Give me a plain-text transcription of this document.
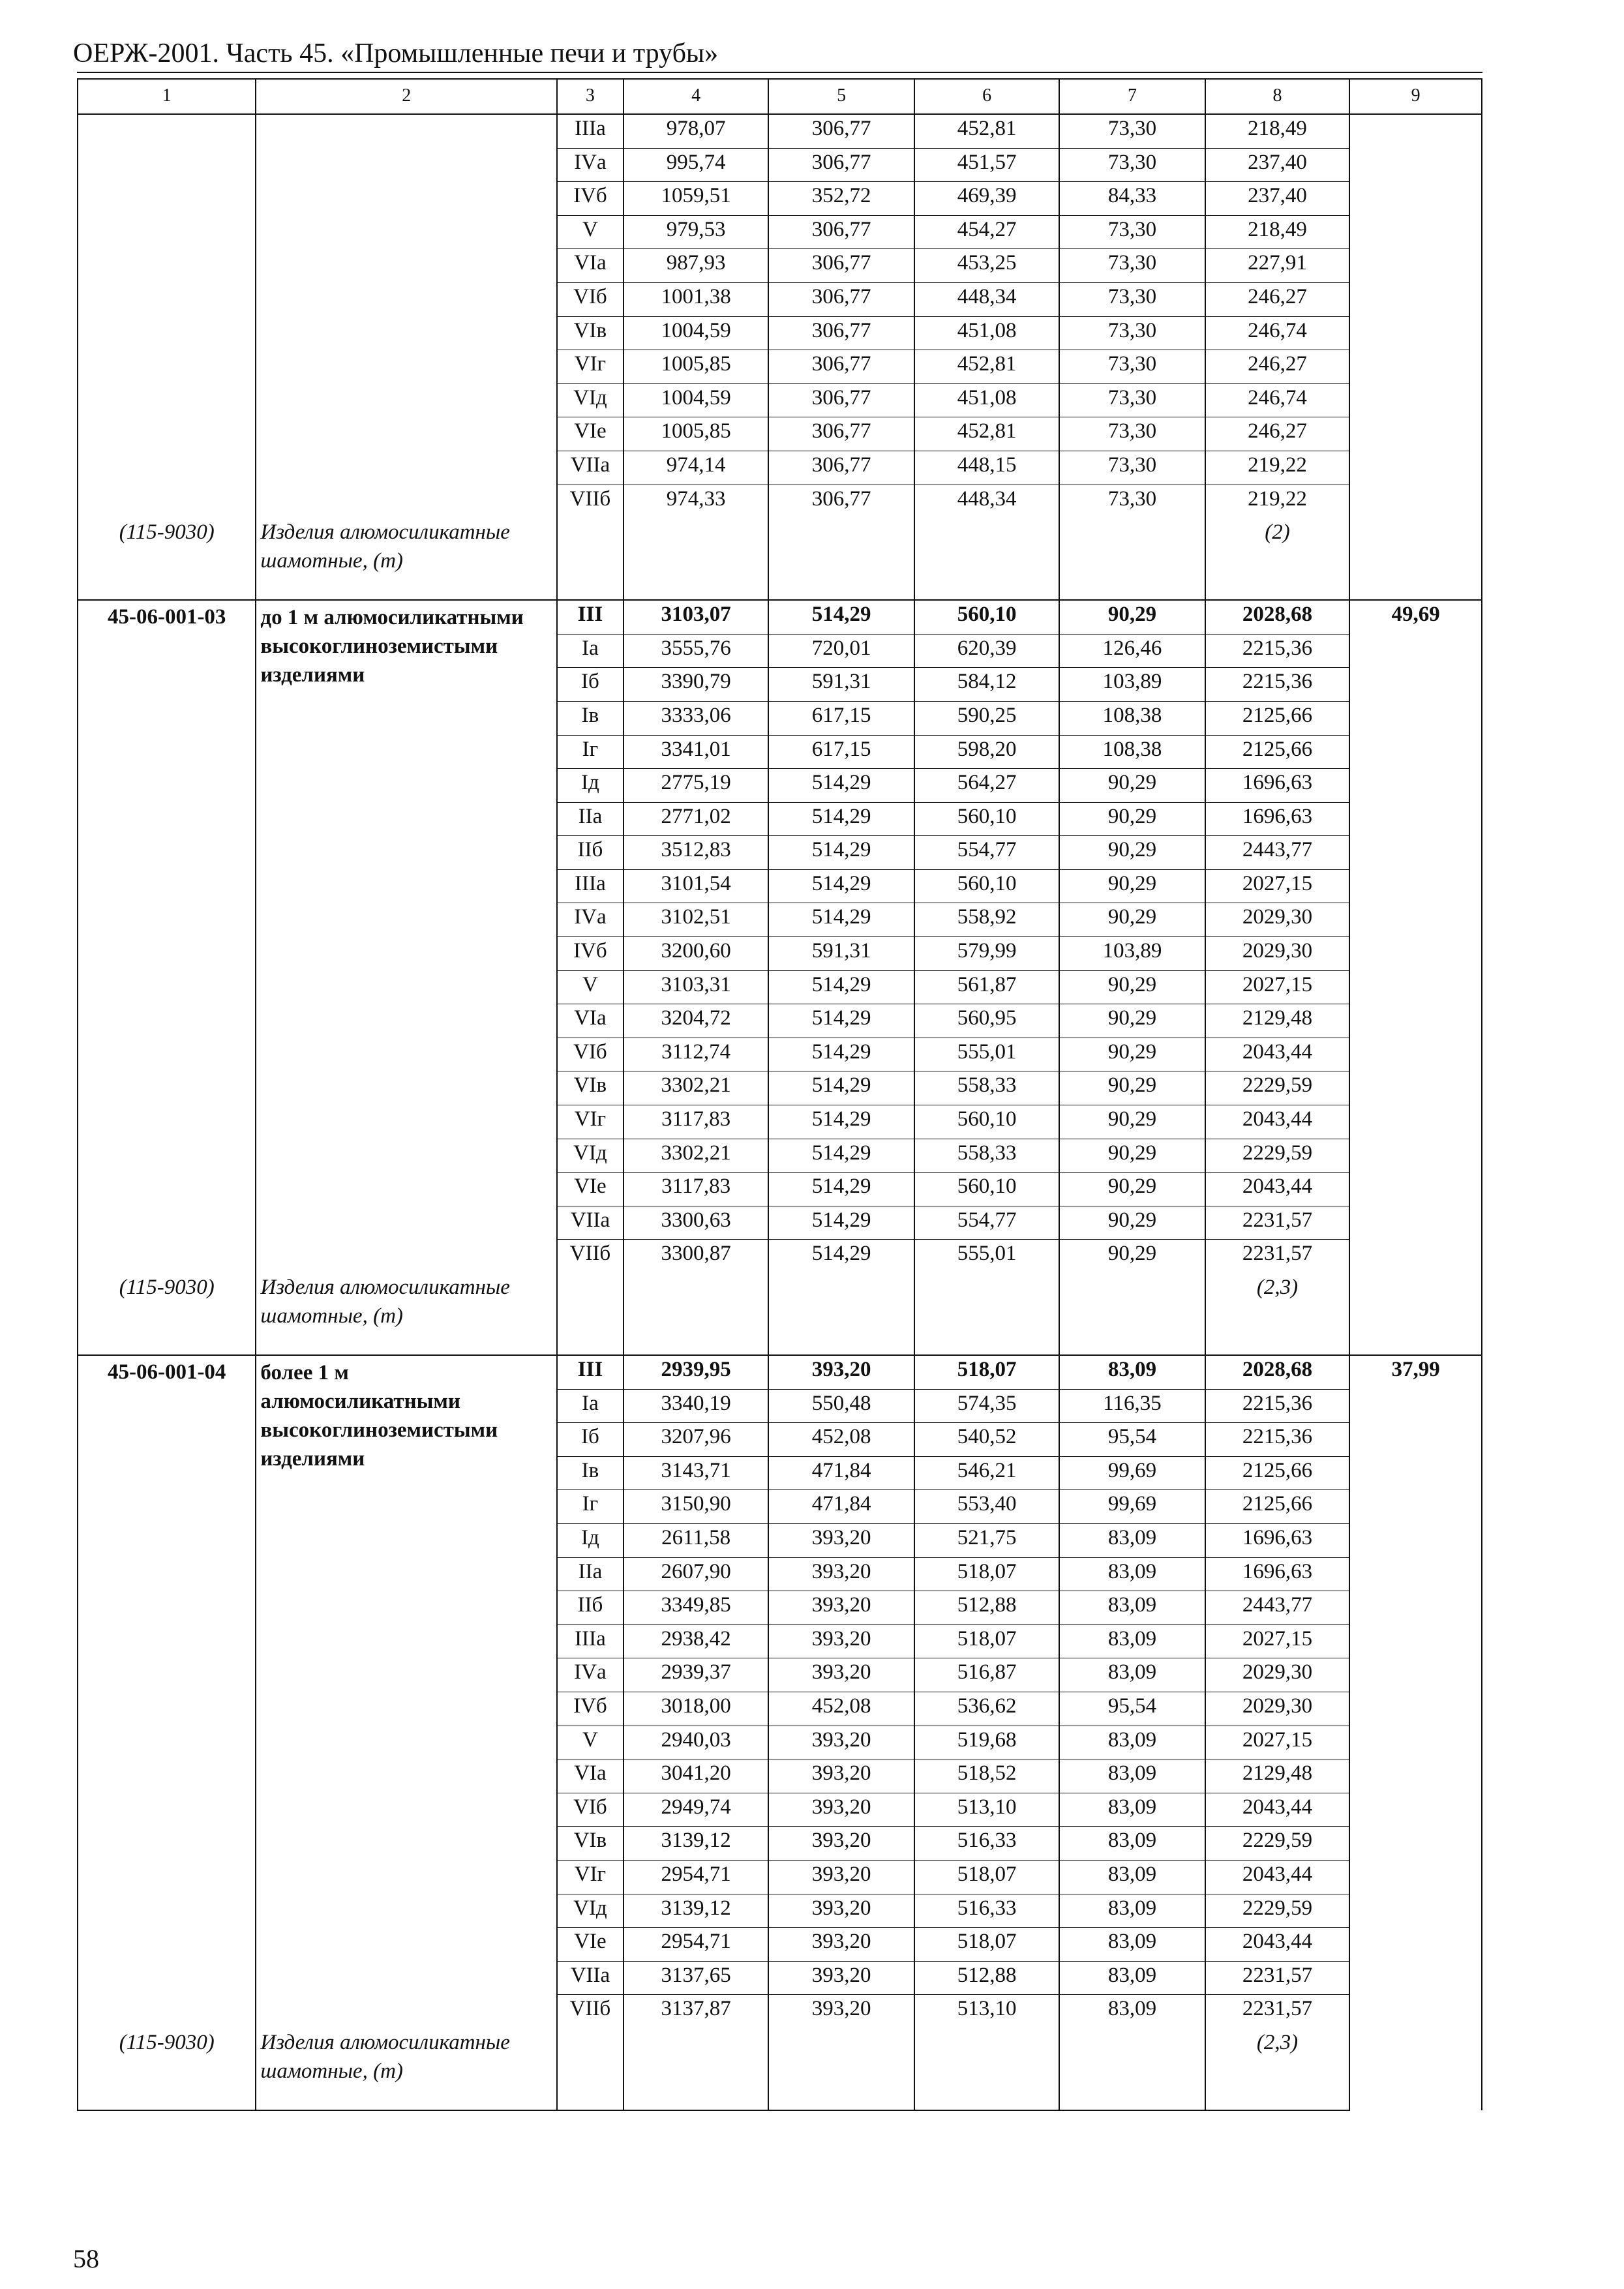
ОЕРЖ-2001. Часть 45. «Промышленные печи и трубы»
1	2	3	4	5	6	7	8	9
		IIIа	978,07	306,77	452,81	73,30	218,49	
		IVа	995,74	306,77	451,57	73,30	237,40	
		IVб	1059,51	352,72	469,39	84,33	237,40	
		V	979,53	306,77	454,27	73,30	218,49	
		VIа	987,93	306,77	453,25	73,30	227,91	
		VIб	1001,38	306,77	448,34	73,30	246,27	
		VIв	1004,59	306,77	451,08	73,30	246,74	
		VIг	1005,85	306,77	452,81	73,30	246,27	
		VIд	1004,59	306,77	451,08	73,30	246,74	
		VIе	1005,85	306,77	452,81	73,30	246,27	
		VIIа	974,14	306,77	448,15	73,30	219,22	
		VIIб	974,33	306,77	448,34	73,30	219,22	
(115-9030)	Изделия алюмосиликатные шамотные, (т)						(2)	
45-06-001-03	до 1 м алюмосиликатными высокоглиноземистыми изделиями	III	3103,07	514,29	560,10	90,29	2028,68	49,69
		Iа	3555,76	720,01	620,39	126,46	2215,36	
		Iб	3390,79	591,31	584,12	103,89	2215,36	
		Iв	3333,06	617,15	590,25	108,38	2125,66	
		Iг	3341,01	617,15	598,20	108,38	2125,66	
		Iд	2775,19	514,29	564,27	90,29	1696,63	
		IIа	2771,02	514,29	560,10	90,29	1696,63	
		IIб	3512,83	514,29	554,77	90,29	2443,77	
		IIIа	3101,54	514,29	560,10	90,29	2027,15	
		IVа	3102,51	514,29	558,92	90,29	2029,30	
		IVб	3200,60	591,31	579,99	103,89	2029,30	
		V	3103,31	514,29	561,87	90,29	2027,15	
		VIа	3204,72	514,29	560,95	90,29	2129,48	
		VIб	3112,74	514,29	555,01	90,29	2043,44	
		VIв	3302,21	514,29	558,33	90,29	2229,59	
		VIг	3117,83	514,29	560,10	90,29	2043,44	
		VIд	3302,21	514,29	558,33	90,29	2229,59	
		VIе	3117,83	514,29	560,10	90,29	2043,44	
		VIIа	3300,63	514,29	554,77	90,29	2231,57	
		VIIб	3300,87	514,29	555,01	90,29	2231,57	
(115-9030)	Изделия алюмосиликатные шамотные, (т)						(2,3)	
45-06-001-04	более 1 м алюмосиликатными высокоглиноземистыми изделиями	III	2939,95	393,20	518,07	83,09	2028,68	37,99
		Iа	3340,19	550,48	574,35	116,35	2215,36	
		Iб	3207,96	452,08	540,52	95,54	2215,36	
		Iв	3143,71	471,84	546,21	99,69	2125,66	
		Iг	3150,90	471,84	553,40	99,69	2125,66	
		Iд	2611,58	393,20	521,75	83,09	1696,63	
		IIа	2607,90	393,20	518,07	83,09	1696,63	
		IIб	3349,85	393,20	512,88	83,09	2443,77	
		IIIа	2938,42	393,20	518,07	83,09	2027,15	
		IVа	2939,37	393,20	516,87	83,09	2029,30	
		IVб	3018,00	452,08	536,62	95,54	2029,30	
		V	2940,03	393,20	519,68	83,09	2027,15	
		VIа	3041,20	393,20	518,52	83,09	2129,48	
		VIб	2949,74	393,20	513,10	83,09	2043,44	
		VIв	3139,12	393,20	516,33	83,09	2229,59	
		VIг	2954,71	393,20	518,07	83,09	2043,44	
		VIд	3139,12	393,20	516,33	83,09	2229,59	
		VIе	2954,71	393,20	518,07	83,09	2043,44	
		VIIа	3137,65	393,20	512,88	83,09	2231,57	
		VIIб	3137,87	393,20	513,10	83,09	2231,57	
(115-9030)	Изделия алюмосиликатные шамотные, (т)						(2,3)	
58
